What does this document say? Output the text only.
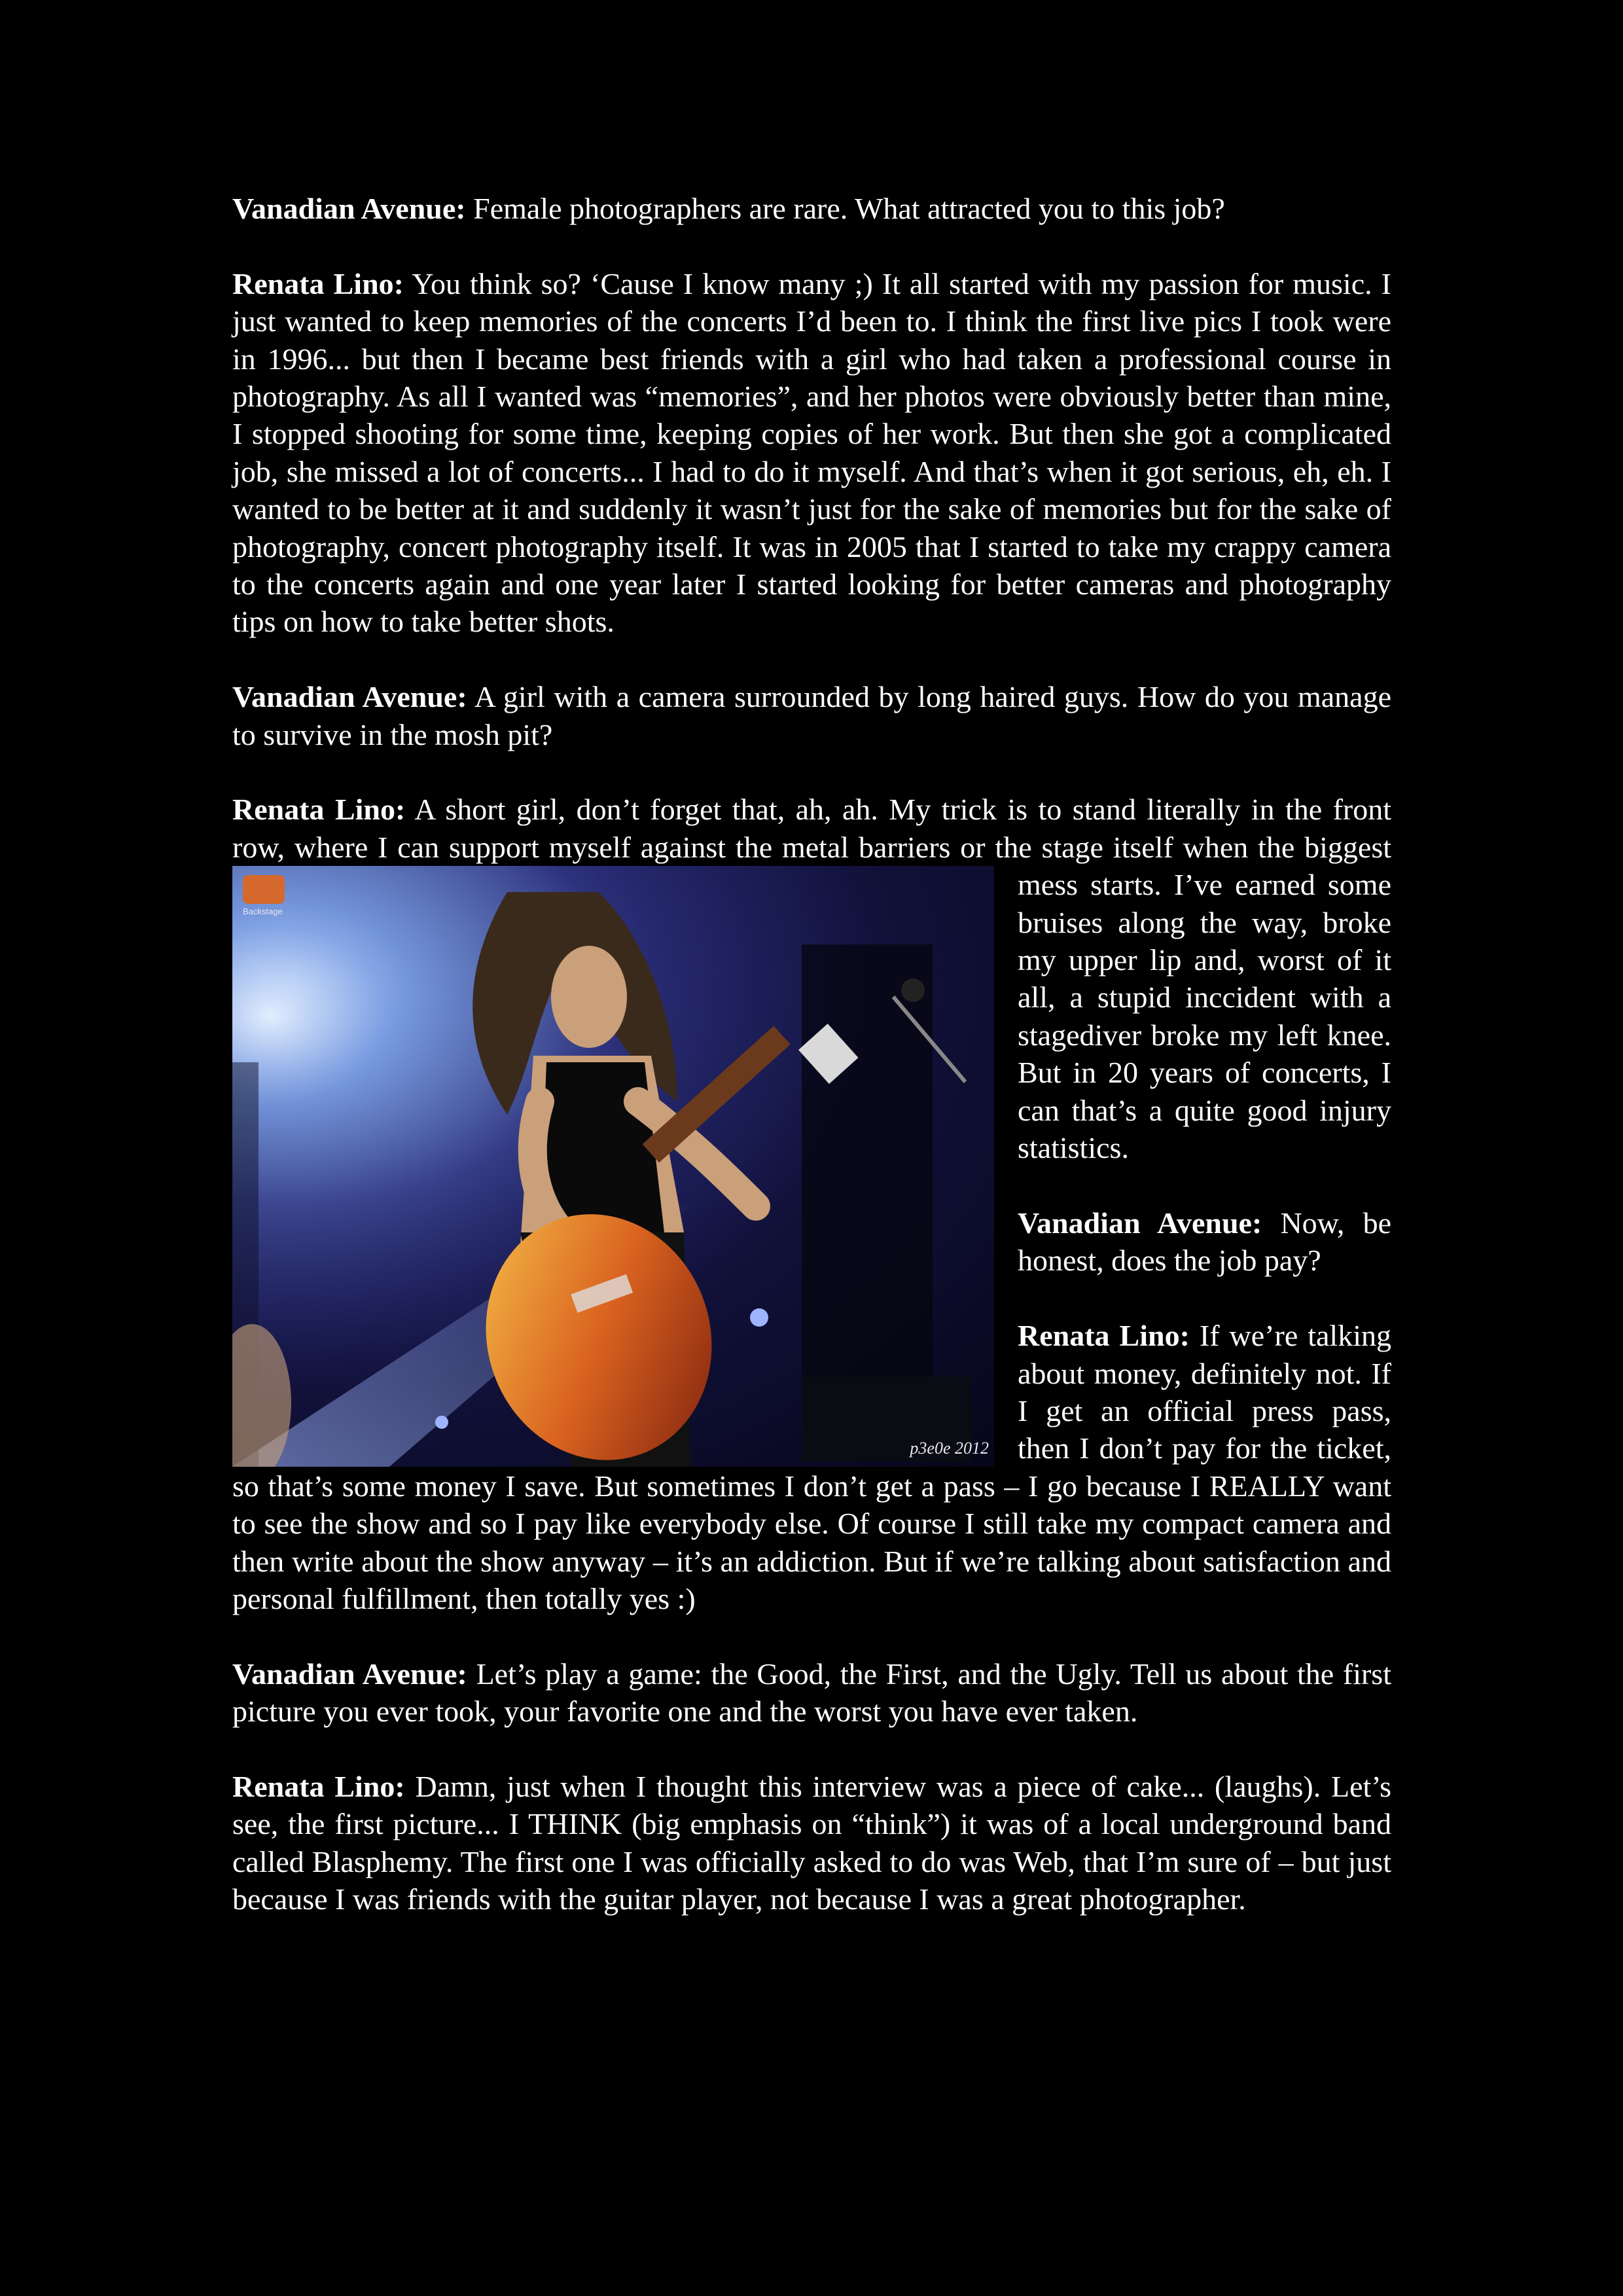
Vanadian Avenue: Female photographers are rare. What attracted you to this job?

Renata Lino: You think so? ‘Cause I know many ;) It all started with my passion for music. I just wanted to keep memories of the concerts I’d been to. I think the first live pics I took were in 1996... but then I became best friends with a girl who had taken a professional course in photography. As all I wanted was “memories”, and her photos were obviously better than mine, I stopped shooting for some time, keeping copies of her work. But then she got a complicated job, she missed a lot of concerts... I had to do it myself. And that’s when it got serious, eh, eh. I wanted to be better at it and suddenly it wasn’t just for the sake of memories but for the sake of photography, concert photography itself. It was in 2005 that I started to take my crappy camera to the concerts again and one year later I started looking for better cameras and photography tips on how to take better shots.

Vanadian Avenue: A girl with a camera surrounded by long haired guys. How do you manage to survive in the mosh pit?

Renata Lino: A short girl, don’t forget that, ah, ah. My trick is to stand literally in the front row, where I can support myself against the metal barriers or the stage itself when
Backstage
p3e0e 2012
the biggest mess starts. I’ve earned some bruises along the way, broke my upper lip and, worst of it all, a stupid inccident with a stagediver broke my left knee. But in 20 years of concerts, I can that’s a quite good injury statistics.

Vanadian Avenue: Now, be honest, does the job pay?

Renata Lino: If we’re talking about money, definitely not. If I get an official press pass, then I don’t pay for the ticket, so that’s some money I save. But sometimes I don’t get a pass – I go because I REALLY want to see the show and so I pay like everybody else. Of course I still take my compact camera and then write about the show anyway – it’s an addiction. But if we’re talking about satisfaction and personal fulfillment, then totally yes :)

Vanadian Avenue: Let’s play a game: the Good, the First, and the Ugly. Tell us about the first picture you ever took, your favorite one and the worst you have ever taken.

Renata Lino: Damn, just when I thought this interview was a piece of cake... (laughs). Let’s see, the first picture... I THINK (big emphasis on “think”) it was of a local underground band called Blasphemy. The first one I was officially asked to do was Web, that I’m sure of – but just because I was friends with the guitar player, not because I was a great photographer.
